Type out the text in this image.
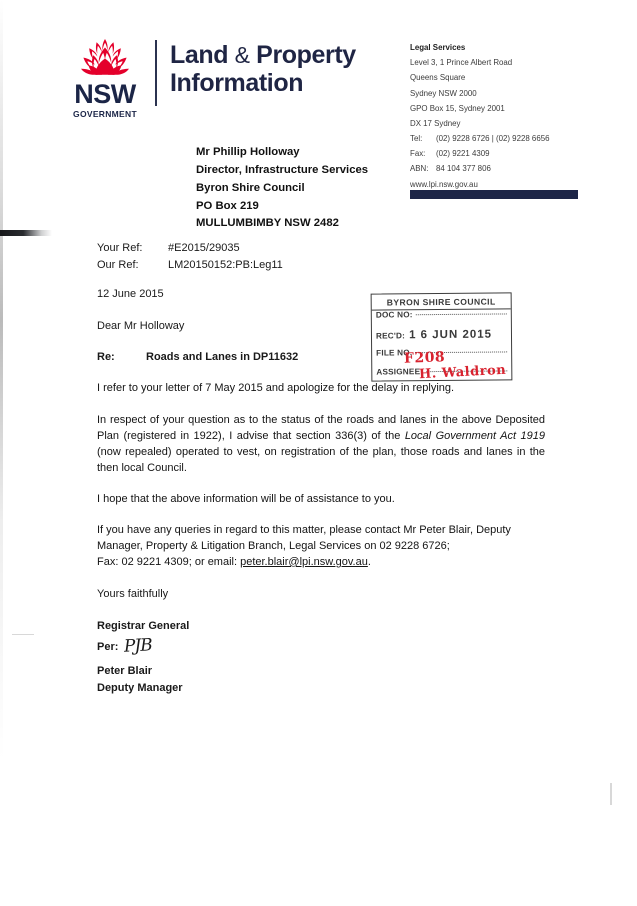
NSW
GOVERNMENT
Land & Property
Information
Legal Services
Level 3, 1 Prince Albert Road
Queens Square
Sydney NSW 2000
GPO Box 15, Sydney 2001
DX 17 Sydney
Tel:	(02) 9228 6726 | (02) 9228 6656
Fax:	(02) 9221 4309
ABN: 84 104 377 806
www.lpi.nsw.gov.au
Mr Phillip Holloway
Director, Infrastructure Services
Byron Shire Council
PO Box 219
MULLUMBIMBY NSW 2482
Your Ref:	#E2015/29035
Our Ref:	LM20150152:PB:Leg11
12 June 2015
Dear Mr Holloway
Re:	Roads and Lanes in DP11632
I refer to your letter of 7 May 2015 and apologize for the delay in replying.
In respect of your question as to the status of the roads and lanes in the above Deposited Plan (registered in 1922), I advise that section 336(3) of the Local Government Act 1919 (now repealed) operated to vest, on registration of the plan, those roads and lanes in the then local Council.
I hope that the above information will be of assistance to you.
If you have any queries in regard to this matter, please contact Mr Peter Blair, Deputy Manager, Property & Litigation Branch, Legal Services on 02 9228 6726;
Fax: 02 9221 4309; or email: peter.blair@lpi.nsw.gov.au.
Yours faithfully
Registrar General
Per: PJB
Peter Blair
Deputy Manager
BYRON SHIRE COUNCIL
DOC NO:
REC'D: 1 6 JUN 2015
FILE NO.
ASSIGNEE:
F208
H. Waldron
